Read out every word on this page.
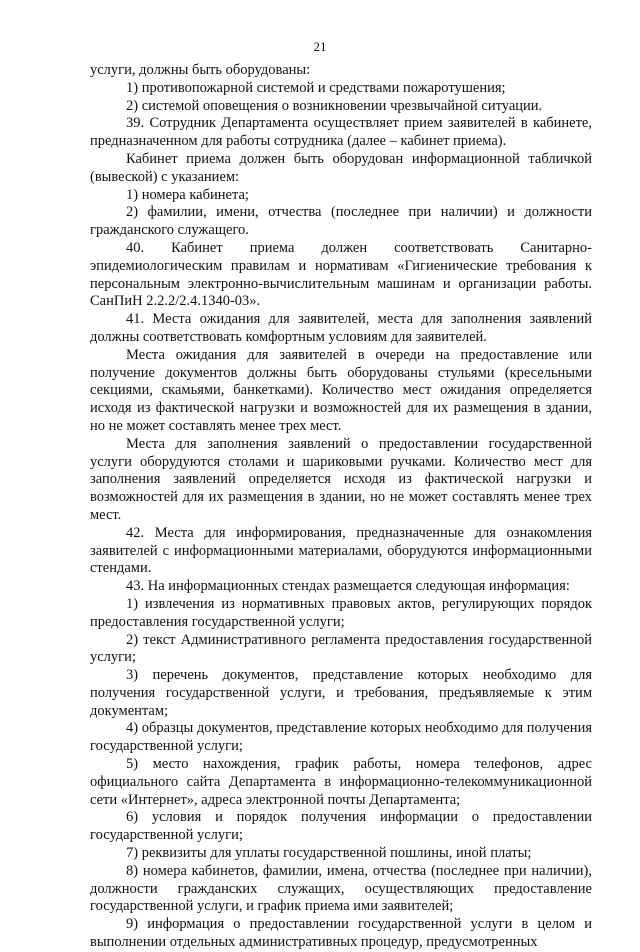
21

услуги, должны быть оборудованы:

1) противопожарной системой и средствами пожаротушения;

2) системой оповещения о возникновении чрезвычайной ситуации.

39. Сотрудник Департамента осуществляет прием заявителей в кабинете, предназначенном для работы сотрудника (далее – кабинет приема).

Кабинет приема должен быть оборудован информационной табличкой (вывеской) с указанием:

1) номера кабинета;

2) фамилии, имени, отчества (последнее при наличии) и должности гражданского служащего.

40. Кабинет приема должен соответствовать Санитарно-эпидемиологическим правилам и нормативам «Гигиенические требования к персональным электронно-вычислительным машинам и организации работы. СанПиН 2.2.2/2.4.1340-03».

41. Места ожидания для заявителей, места для заполнения заявлений должны соответствовать комфортным условиям для заявителей.

Места ожидания для заявителей в очереди на предоставление или получение документов должны быть оборудованы стульями (кресельными секциями, скамьями, банкетками). Количество мест ожидания определяется исходя из фактической нагрузки и возможностей для их размещения в здании, но не может составлять менее трех мест.

Места для заполнения заявлений о предоставлении государственной услуги оборудуются столами и шариковыми ручками. Количество мест для заполнения заявлений определяется исходя из фактической нагрузки и возможностей для их размещения в здании, но не может составлять менее трех мест.

42. Места для информирования, предназначенные для ознакомления заявителей с информационными материалами, оборудуются информационными стендами.

43. На информационных стендах размещается следующая информация:

1) извлечения из нормативных правовых актов, регулирующих порядок предоставления государственной услуги;

2) текст Административного регламента предоставления государственной услуги;

3) перечень документов, представление которых необходимо для получения государственной услуги, и требования, предъявляемые к этим документам;

4) образцы документов, представление которых необходимо для получения государственной услуги;

5) место нахождения, график работы, номера телефонов, адрес официального сайта Департамента в информационно-телекоммуникационной сети «Интернет», адреса электронной почты Департамента;

6) условия и порядок получения информации о предоставлении государственной услуги;

7) реквизиты для уплаты государственной пошлины, иной платы;

8) номера кабинетов, фамилии, имена, отчества (последнее при наличии), должности гражданских служащих, осуществляющих предоставление государственной услуги, и график приема ими заявителей;

9) информация о предоставлении государственной услуги в целом и выполнении отдельных административных процедур, предусмотренных
